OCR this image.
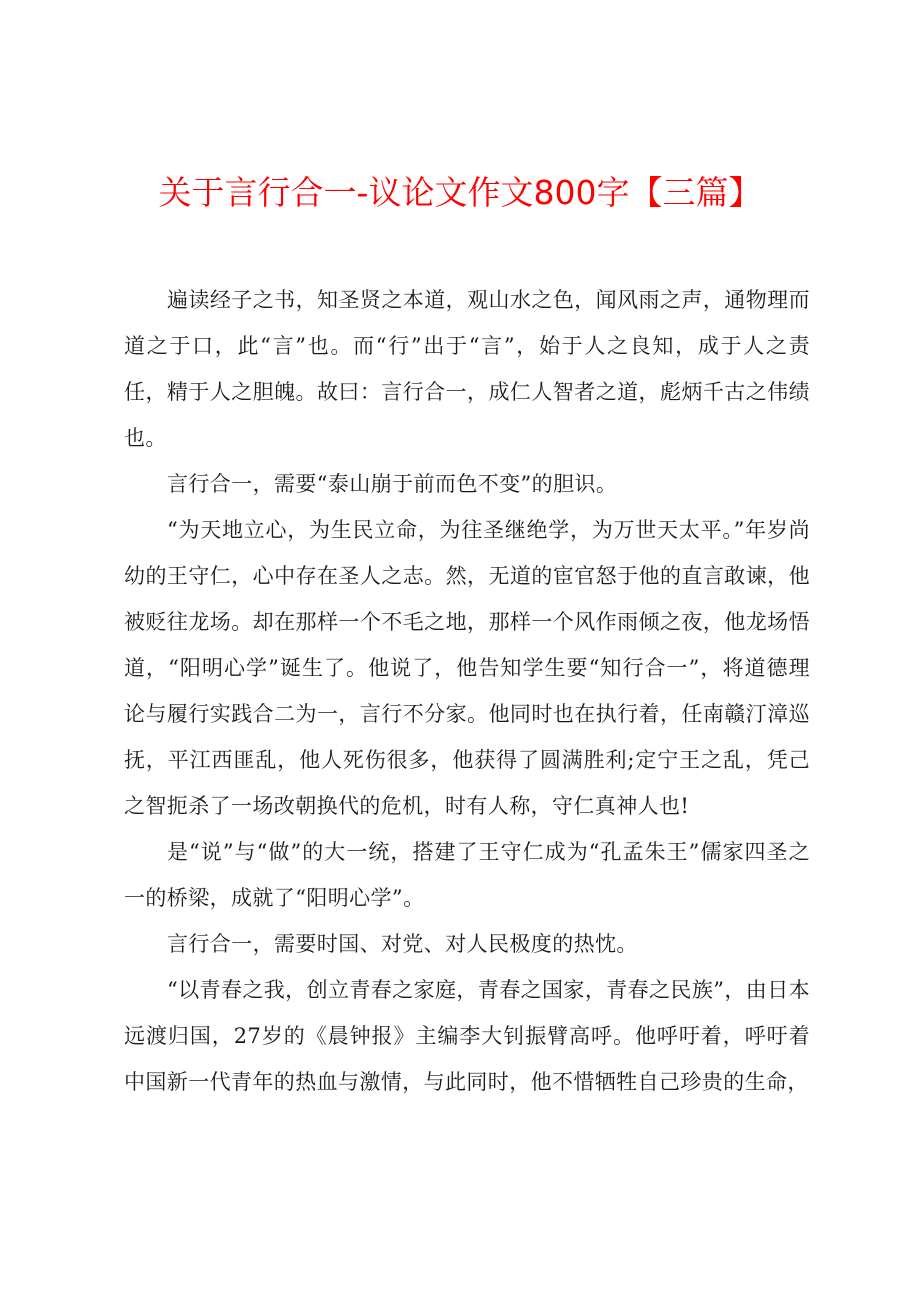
关于言行合一-议论文作文800字【三篇】

遍读经子之书，知圣贤之本道，观山水之色，闻风雨之声，通物理而道之于口，此“言”也。而“行”出于“言”，始于人之良知，成于人之责任，精于人之胆魄。故曰：言行合一，成仁人智者之道，彪炳千古之伟绩也。

言行合一，需要“泰山崩于前而色不变”的胆识。

“为天地立心，为生民立命，为往圣继绝学，为万世天太平。”年岁尚幼的王守仁，心中存在圣人之志。然，无道的宦官怒于他的直言敢谏，他被贬往龙场。却在那样一个不毛之地，那样一个风作雨倾之夜，他龙场悟道，“阳明心学”诞生了。他说了，他告知学生要“知行合一”，将道德理论与履行实践合二为一，言行不分家。他同时也在执行着，任南赣汀漳巡抚，平江西匪乱，他人死伤很多，他获得了圆满胜利;定宁王之乱，凭己之智扼杀了一场改朝换代的危机，时有人称，守仁真神人也!

是“说”与“做”的大一统，搭建了王守仁成为“孔孟朱王”儒家四圣之一的桥梁，成就了“阳明心学”。

言行合一，需要时国、对党、对人民极度的热忱。

“以青春之我，创立青春之家庭，青春之国家，青春之民族”，由日本远渡归国，27岁的《晨钟报》主编李大钊振臂高呼。他呼吁着，呼吁着中国新一代青年的热血与激情，与此同时，他不惜牺牲自己珍贵的生命，
